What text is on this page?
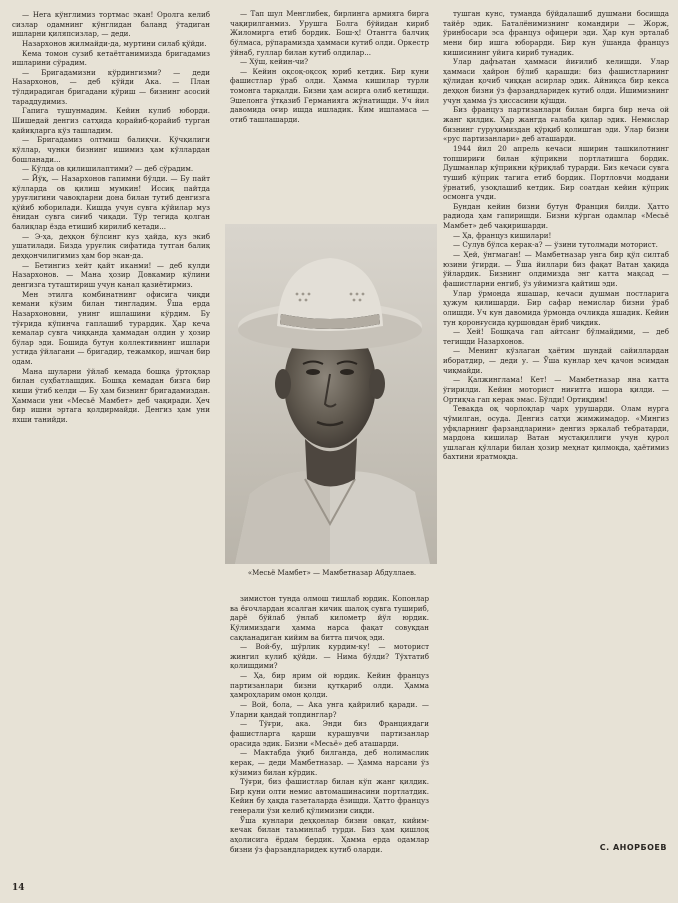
— Нега кўнглимиз тортмас экан! Оролга келиб сизлар одамнинг кўнглидан баланд ўтадиган ишларни қиляпсизлар, — деди.

Назархонов жилмайди-да, муртини силаб қўйди.

Кема томон сузиб кетаётганимизда бригадамиз ишларини сўрадим.

— Бригадамизни кўрдингизми? — деди Назархонов, — деб кўйди Ака. — План тўлдирадиган бригадани кўриш — бизнинг асосий тараддудимиз.

Гапига тушунмадим. Кейин кулиб юборди. Шишедай денгиз сатҳида қорайиб-қорайиб турган қайиқларга кўз ташладим.

— Бригадамиз олтмиш балиқчи. Кўчқилиги кўллар, чунки бизнинг ишимиз ҳам кўллардан бошланади...

— Кўлда ов қилишилаптими? — деб сўрадим.

— Йўқ, — Назархонов гапимни бўлди. — Бу пайт кўлларда ов қилиш мумкин! Иссиқ пайтда уруғлигини чавоқларни дона билан тутиб денгизга қўйиб юборилади. Кишда учун сувга кўйилар муз ёнидан сувга сиғиб чиқади. Тўр тегида қолган балиқлар ёзда етишиб кирилиб кетади...

— Э-ҳа, деҳқон бўлсинг куз ҳайда, куз экиб ушатилади. Бизда уруғлик сифатида тутган балиқ деҳқончилигимиз ҳам бор экан-да.

— Бетингиз хейт қайт иканми! — деб кулди Назархонов. — Мана ҳозир Довкамир кўлини денгизга туташтириш учун канал қазиётирмиз.

Мен этилга комбинатнинг офисига чиқди кемани кўзим билан тингладим. Ўша ерда Назархоновни, унинг ишлашини кўрдим. Бу тўғрида кўпинча гаплашиб турардик. Ҳар кеча кемалар сувга чиққанда ҳаммадан олдин у ҳозир бўлар эди. Бошида бутун коллективнинг ишлари устида ўйлагани — бригадир, тежамкор, ишчан бир одам.

Мана шуларни ўйлаб кемада бошқа ўртоқлар билан суҳбатлашдик. Бошқа кемадан бизга бир киши ўтиб келди — Бу ҳам бизнинг бригадамиздан. Ҳаммаси уни «Месьё Мамбет» деб чақиради. Ҳеч бир ишни эртага қолдирмайди. Денгиз ҳам уни яхши танийди.

— Тап шул Менглибек, бирлинга армияга бирга чақирилганмиз. Урушга Болга бўйидан кириб Жиломирга етиб бордик. Бош-ҳ! Отангга балчиқ бўлмаса, рўпарамизда ҳаммаси кутиб олди. Оркестр ўйнаб, гуллар билан кутиб олдилар...

— Хўш, кейин-чи?

— Кейин оқсоқ-оқсоқ юриб кетдик. Бир куни фашистлар ўраб олди. Ҳамма кишилар турли томонга тарқалди. Бизни ҳам асирга олиб кетишди. Эшелонга ўтқазиб Германияга жўнатишди. Уч йил давомида оғир ишда ишладик. Ким ишламаса — отиб ташлашарди.

«Месьё Мамбет» — Мамбетназар Абдуллаев.

зимистон тунда олмош тишлаб юрдик. Копонлар ва ёғочлардан ясалган кичик шалоқ сувга тушириб, дарё бўйлаб ўнлаб километр йўл юрдик. Қўлимиздаги ҳамма нарса фақат совуқдан сақланадиган кийим ва битта пичоқ эди.

— Вой-бу, шўрлик курдим-ку! — моторист жингил кулиб қўйди. — Нима бўлди? Тўхтатиб қолишдими?

— Ҳа, бир ярим ой юрдик. Кейин француз партизанлари бизни қутқариб олди. Ҳамма ҳамроҳларим омон қолди.

— Вой, бола, — Ака унга қайрилиб қаради. — Уларни қандай топдинглар?

— Тўғри, ака. Энди биз Франциядаги фашистларга қарши курашувчи партизанлар орасида эдик. Бизни «Месьё» деб аташарди.

— Мактабда ўқиб билганда, деб нолимаслик керак, — деди Мамбетназар. — Ҳамма нарсани ўз кўзимиз билан кўрдик.

Тўғри, биз фашистлар билан кўп жанг қилдик. Бир куни олти немис автомашинасини портлатдик. Кейин бу ҳақда газеталарда ёзишди. Ҳатто француз генерали ўзи келиб қўлимизни сиқди.

Ўша кунлари деҳқонлар бизни овқат, кийим-кечак билан таъминлаб турди. Биз ҳам қишлоқ аҳолисига ёрдам бердик. Ҳамма ерда одамлар бизни ўз фарзандларидек кутиб оларди.

тушган кунс, туманда бўйдалашиб душмани босишда тайёр эдик. Баталёнимизнинг командири — Жорж, ўринбосари эса француз офицери эди. Ҳар кун эрталаб мени бир ишга юборарди. Бир кун ўшанда француз кишисининг уйига кириб тунадик.

Улар дафъатан ҳаммаси йиғилиб келишди. Улар ҳаммаси ҳайрон бўлиб қарашди: биз фашистларнинг қўлидан қочиб чиққан асирлар эдик. Айниқса бир кекса деҳқон бизни ўз фарзандларидек кутиб олди. Ишимизнинг учун ҳамма ўз ҳиссасини қўшди.

Биз француз партизанлари билан бирга бир неча ой жанг қилдик. Ҳар жангда ғалаба қилар эдик. Немислар бизнинг гуруҳимиздан қўрқиб қолишган эди. Улар бизни «рус партизанлари» деб аташарди.

1944 йил 20 апрель кечаси яширин ташкилотнинг топшириғи билан кўприкни портлатишга бордик. Душманлар кўприкни қўриқлаб турарди. Биз кечаси сувга тушиб кўприк тагига етиб бордик. Портловчи моддани ўрнатиб, узоқлашиб кетдик. Бир соатдан кейин кўприк осмонга учди.

Бундан кейин бизни бутун Франция билди. Ҳатто радиода ҳам гапиришди. Бизни кўрган одамлар «Месьё Мамбет» деб чақиришарди.

— Ҳа, француз кишилари!

— Сулув бўлса керак-а? — ўзини тутолмади моторист.

— Ҳей, ўнгмаган! — Мамбетназар унга бир қўл силтаб юзини ўгирди. — Ўша йиллари биз фақат Ватан ҳақида ўйлардик. Бизнинг олдимизда энг катта мақсад — фашистларни енгиб, ўз уйимизга қайтиш эди.

Улар ўрмонда яшашар, кечаси душман постларига ҳужум қилишарди. Бир сафар немислар бизни ўраб олишди. Уч кун давомида ўрмонда очликда яшадик. Кейин тун қоронғусида қуршовдан ёриб чиқдик.

— Хей! Бошқача гап айтсанг бўлмайдими, — деб тегишди Назархонов.

— Менинг кўзлаган ҳаётим шундай сайиллардан иборатдир, — деди у. — Ўша кунлар ҳеч қачон эсимдан чиқмайди.

— Қалжинглама! Кет! — Мамбетназар яна катта ўгирилди. Кейин моторист ниғитга ишора қилди. — Ортиқча гап керак эмас. Бўлди! Ортиқдим!

Тевакда оқ чорлоқлар чарх урушарди. Олам нурга чўмилган, осуда. Денгиз сатҳи жимжимадор. «Мингиз уфқларнинг фарзандларини» денгиз эркалаб тебратарди, мардона кишилар Ватан мустақиллиги учун қурол ушлаган қўллари билан ҳозир меҳнат қилмоқда, ҳаётимиз бахтини яратмоқда.

С. АНОРБОЕВ
14
